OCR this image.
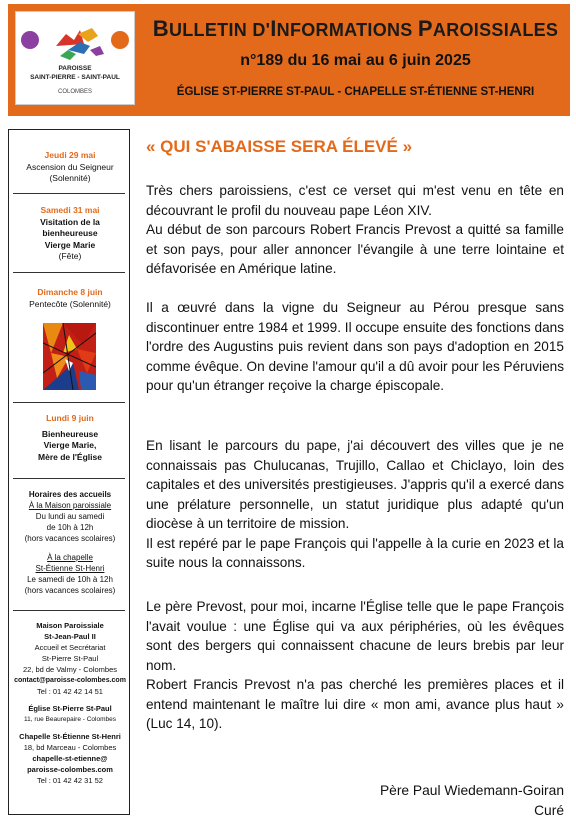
PAROISSE
SAINT-PIERRE - SAINT-PAUL
COLOMBES
BULLETIN D'INFORMATIONS PAROISSIALES
n°189 du 16 mai au 6 juin 2025
ÉGLISE ST-PIERRE ST-PAUL - CHAPELLE ST-ÉTIENNE ST-HENRI
Jeudi 29 mai
Ascension du Seigneur
(Solennité)
Samedi 31 mai
Visitation de la
bienheureuse
Vierge Marie
(Fête)
Dimanche 8 juin
Pentecôte (Solennité)
Lundi 9 juin
Bienheureuse
Vierge Marie,
Mère de l'Église
Horaires des accueils
À la Maison paroissiale
Du lundi au samedi
de 10h à 12h
(hors vacances scolaires)
À la chapelle
St-Étienne St-Henri
Le samedi de 10h à 12h
(hors vacances scolaires)
Maison Paroissiale
St-Jean-Paul II
Accueil et Secrétariat
St-Pierre St-Paul
22, bd de Valmy - Colombes
contact@paroisse-colombes.com
Tel : 01 42 42 14 51
Église St-Pierre St-Paul
11, rue Beaurepaire - Colombes
Chapelle St-Étienne St-Henri
18, bd Marceau - Colombes
chapelle-st-etienne@
paroisse-colombes.com
Tel : 01 42 42 31 52
« QUI S'ABAISSE SERA ÉLEVÉ »
Très chers paroissiens, c'est ce verset qui m'est venu en tête en découvrant le profil du nouveau pape Léon XIV.
Au début de son parcours Robert Francis Prevost a quitté sa famille et son pays, pour aller annoncer l'évangile à une terre lointaine et défavorisée en Amérique latine.
Il a œuvré dans la vigne du Seigneur au Pérou presque sans discontinuer entre 1984 et 1999. Il occupe ensuite des fonctions dans l'ordre des Augustins puis revient dans son pays d'adoption en 2015 comme évêque. On devine l'amour qu'il a dû avoir pour les Péruviens pour qu'un étranger reçoive la charge épiscopale.
En lisant le parcours du pape, j'ai découvert des villes que je ne connaissais pas Chulucanas, Trujillo, Callao et Chiclayo, loin des capitales et des universités prestigieuses. J'appris qu'il a exercé dans une prélature personnelle, un statut juridique plus adapté qu'un diocèse à un territoire de mission.
Il est repéré par le pape François qui l'appelle à la curie en 2023 et la suite nous la connaissons.
Le père Prevost, pour moi, incarne l'Église telle que le pape François l'avait voulue : une Église qui va aux périphéries, où les évêques sont des bergers qui connaissent chacune de leurs brebis par leur nom.
Robert Francis Prevost n'a pas cherché les premières places et il entend maintenant le maître lui dire « mon ami, avance plus haut » (Luc 14, 10).
Père Paul Wiedemann-Goiran
Curé
